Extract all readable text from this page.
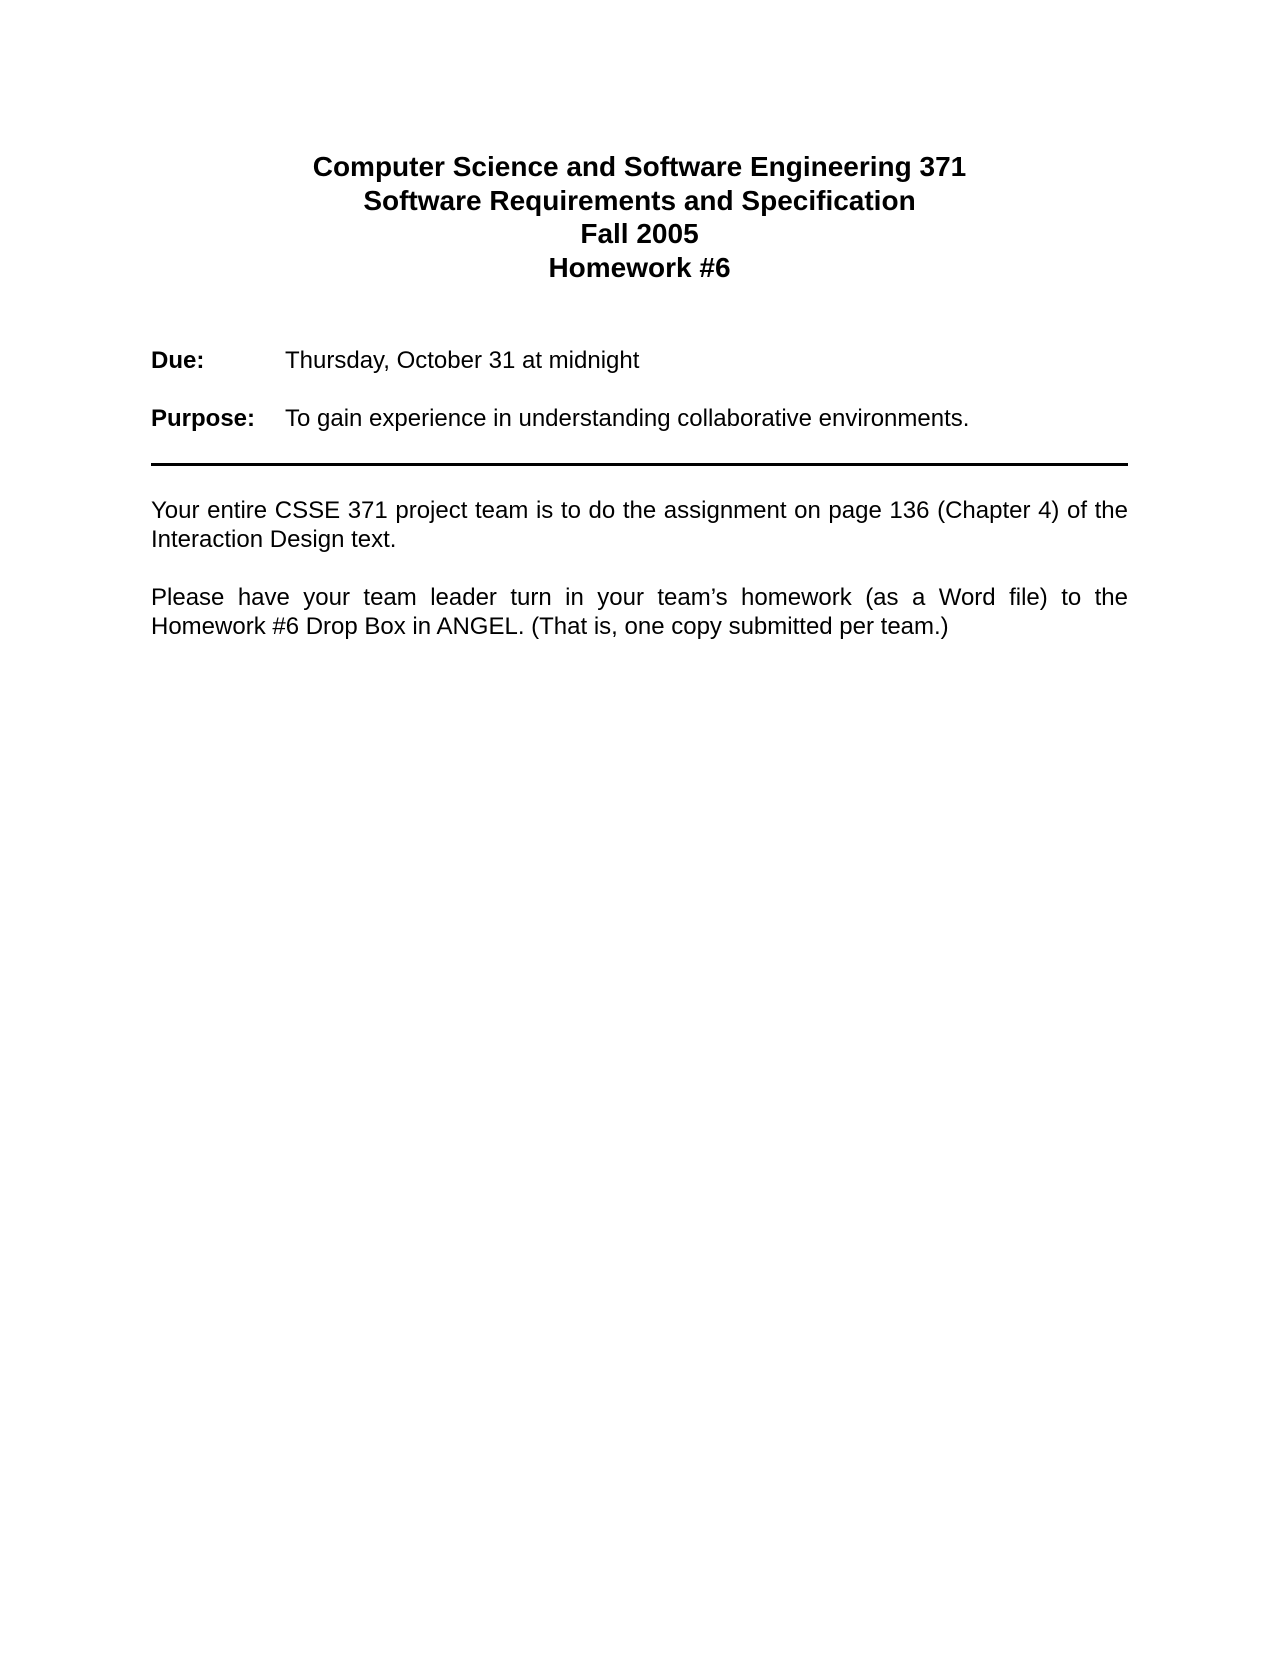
Computer Science and Software Engineering 371
Software Requirements and Specification
Fall 2005
Homework #6
Due:	Thursday, October 31 at midnight
Purpose: To gain experience in understanding collaborative environments.

Your entire CSSE 371 project team is to do the assignment on page 136 (Chapter 4) of the Interaction Design text.

Please have your team leader turn in your team’s homework (as a Word file) to the Homework #6 Drop Box in ANGEL. (That is, one copy submitted per team.)
